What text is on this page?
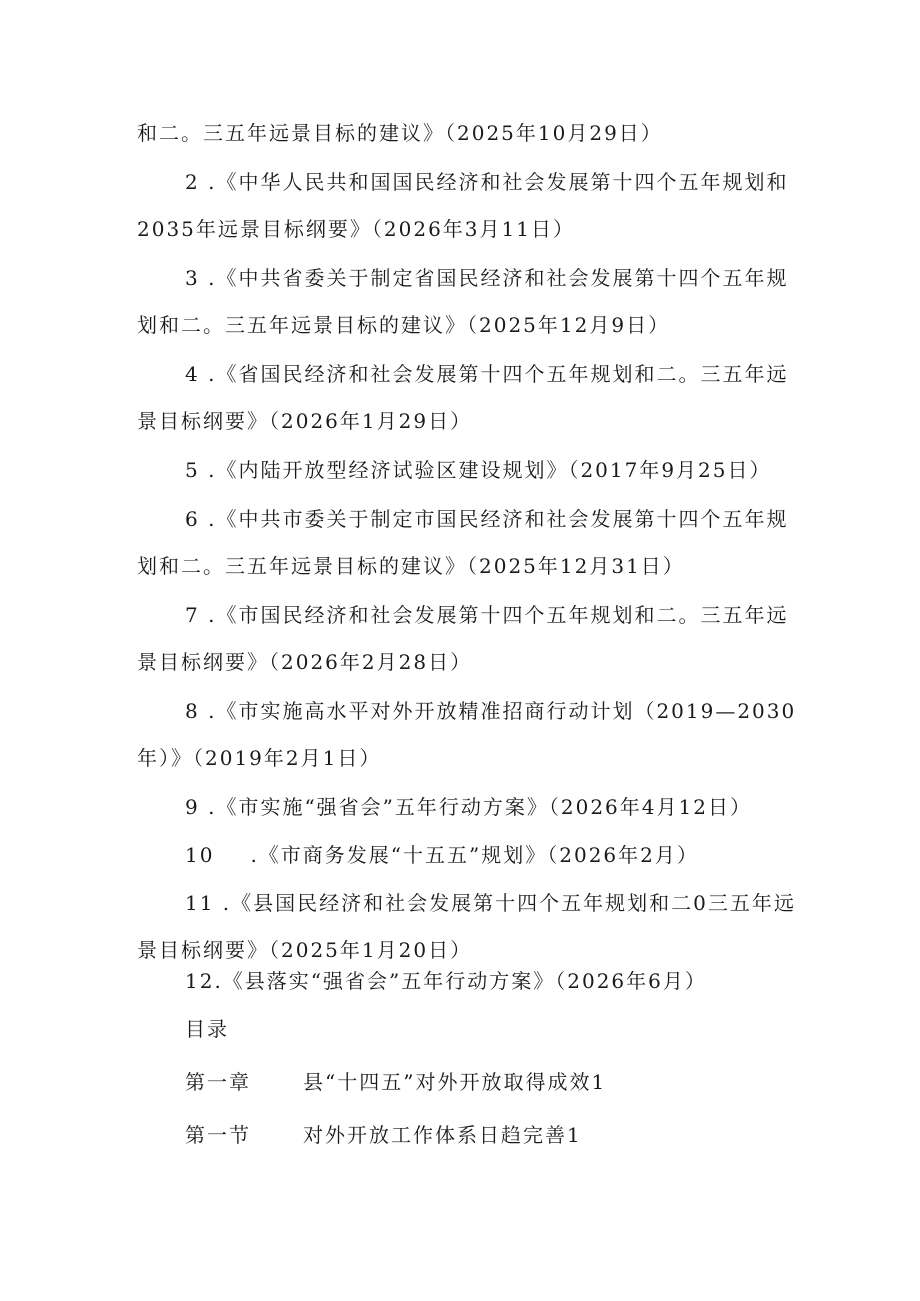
和二。三五年远景目标的建议》（2025年10月29日）
2 .《中华人民共和国国民经济和社会发展第十四个五年规划和
2035年远景目标纲要》（2026年3月11日）
3 .《中共省委关于制定省国民经济和社会发展第十四个五年规
划和二。三五年远景目标的建议》（2025年12月9日）
4 .《省国民经济和社会发展第十四个五年规划和二。三五年远
景目标纲要》（2026年1月29日）
5 .《内陆开放型经济试验区建设规划》（2017年9月25日）
6 .《中共市委关于制定市国民经济和社会发展第十四个五年规
划和二。三五年远景目标的建议》（2025年12月31日）
7 .《市国民经济和社会发展第十四个五年规划和二。三五年远
景目标纲要》（2026年2月28日）
8 .《市实施高水平对外开放精准招商行动计划（2019—2030
年）》（2019年2月1日）
9 .《市实施“强省会”五年行动方案》（2026年4月12日）
10 .《市商务发展“十五五”规划》（2026年2月）
11 .《县国民经济和社会发展第十四个五年规划和二0三五年远
景目标纲要》（2025年1月20日）
12.《县落实“强省会”五年行动方案》（2026年6月）
目录
第一章	县“十四五”对外开放取得成效1
第一节	对外开放工作体系日趋完善1
